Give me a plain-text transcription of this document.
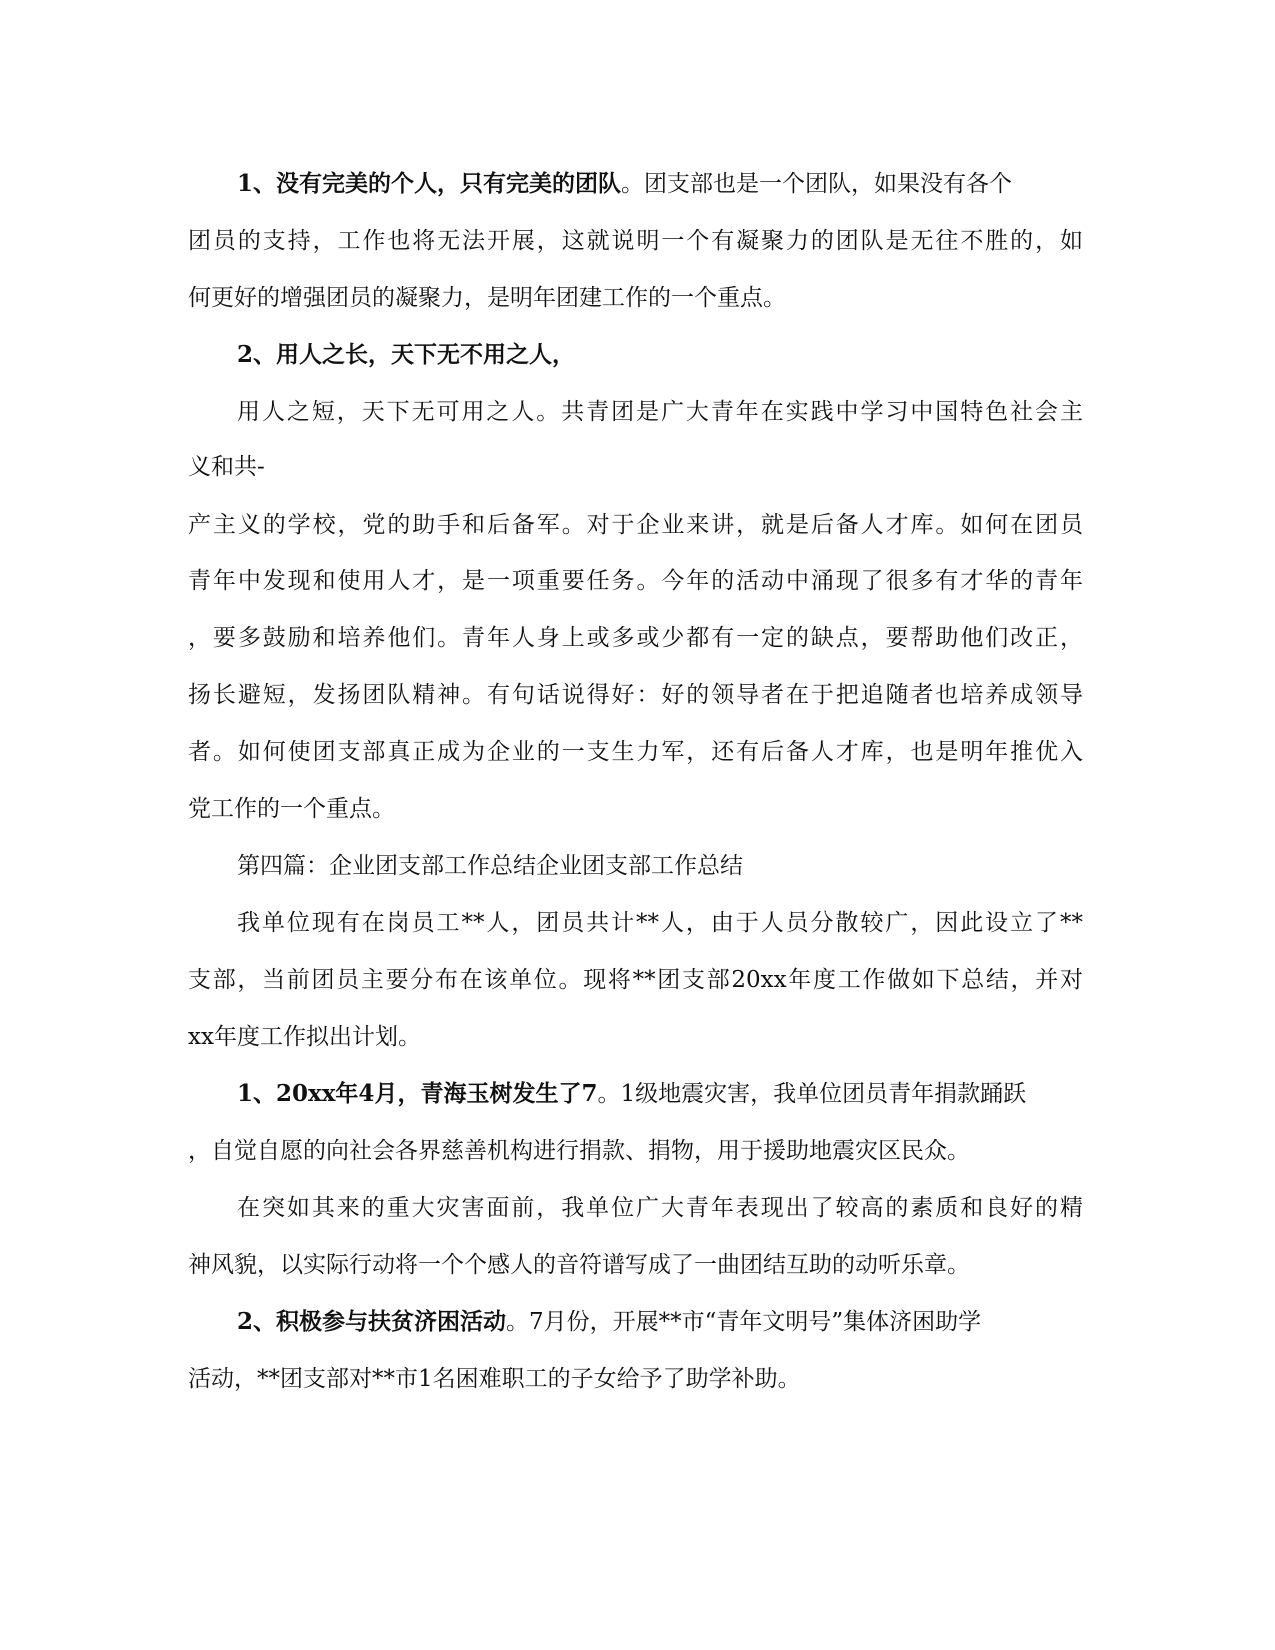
1、没有完美的个人，只有完美的团队。团支部也是一个团队，如果没有各个
团员的支持，工作也将无法开展，这就说明一个有凝聚力的团队是无往不胜的，如
何更好的增强团员的凝聚力，是明年团建工作的一个重点。
2、用人之长，天下无不用之人，
用人之短，天下无可用之人。共青团是广大青年在实践中学习中国特色社会主
义和共-
产主义的学校，党的助手和后备军。对于企业来讲，就是后备人才库。如何在团员
青年中发现和使用人才，是一项重要任务。今年的活动中涌现了很多有才华的青年
，要多鼓励和培养他们。青年人身上或多或少都有一定的缺点，要帮助他们改正，
扬长避短，发扬团队精神。有句话说得好：好的领导者在于把追随者也培养成领导
者。如何使团支部真正成为企业的一支生力军，还有后备人才库，也是明年推优入
党工作的一个重点。
第四篇：企业团支部工作总结企业团支部工作总结
我单位现有在岗员工**人，团员共计**人，由于人员分散较广，因此设立了**
支部，当前团员主要分布在该单位。现将**团支部20xx年度工作做如下总结，并对
xx年度工作拟出计划。
1、20xx年4月，青海玉树发生了7。1级地震灾害，我单位团员青年捐款踊跃
，自觉自愿的向社会各界慈善机构进行捐款、捐物，用于援助地震灾区民众。
在突如其来的重大灾害面前，我单位广大青年表现出了较高的素质和良好的精
神风貌，以实际行动将一个个感人的音符谱写成了一曲团结互助的动听乐章。
2、积极参与扶贫济困活动。7月份，开展**市“青年文明号”集体济困助学
活动，**团支部对**市1名困难职工的子女给予了助学补助。
